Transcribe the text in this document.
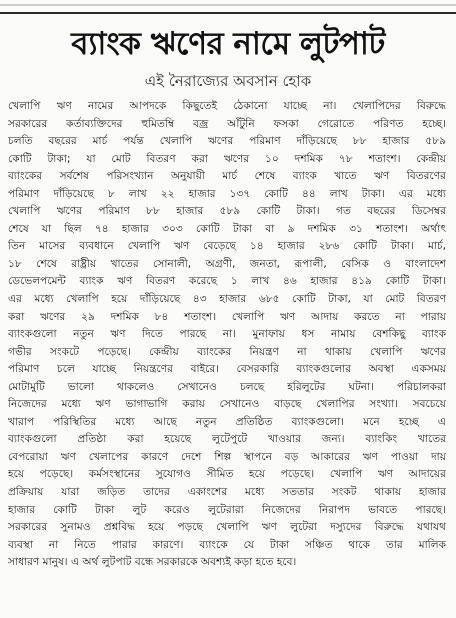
ব্যাংক ঋণের নামে লুটপাট
এই নৈরাজ্যের অবসান হোক
খেলাপি ঋণ নামের আপদকে কিছুতেই ঠেকানো যাচ্ছে না। খেলাপিদের বিরুদ্ধে
সরকারের কর্তাব্যক্তিদের হুমিতম্বি বজ্র আঁটুনি ফসকা গেরোতে পরিণত হচ্ছে।
চলতি বছরের মার্চ পর্যন্ত খেলাপি ঋণের পরিমাণ দাঁড়িয়েছে ৮৮ হাজার ৫৮৯
কোটি টাকা; যা মোট বিতরণ করা ঋণের ১০ দশমিক ৭৮ শতাংশ। কেন্দ্রীয়
ব্যাংকের সর্বশেষ পরিসংখ্যান অনুযায়ী মার্চ শেষে ব্যাংক খাতে ঋণ বিতরণের
পরিমাণ দাঁড়িয়েছে ৮ লাখ ২২ হাজার ১৩৭ কোটি ৪৪ লাখ টাকা। এর মধ্যে
খেলাপি ঋণের পরিমাণ ৮৮ হাজার ৫৮৯ কোটি টাকা। গত বছরের ডিসেম্বর
শেষে যা ছিল ৭৪ হাজার ৩০৩ কোটি টাকা বা ৯ দশমিক ৩১ শতাংশ। অর্থাৎ
তিন মাসের ব্যবধানে খেলাপি ঋণ বেড়েছে ১৪ হাজার ২৮৬ কোটি টাকা। মার্চ,
১৮ শেষে রাষ্ট্রীয় খাতের সোনালী, অগ্রণী, জনতা, রূপালী, বেসিক ও বাংলাদেশ
ডেভেলপমেন্ট ব্যাংক ঋণ বিতরণ করেছে ১ লাখ ৪৬ হাজার ৪১৯ কোটি টাকা।
এর মধ্যে খেলাপি হয়ে দাঁড়িয়েছে ৪৩ হাজার ৬৮৫ কোটি টাকা, যা মোট বিতরণ
করা ঋণের ২৯ দশমিক ৮৪ শতাংশ। খেলাপি ঋণ আদায় করতে না পারায়
ব্যাংকগুলো নতুন ঋণ দিতে পারছে না। মুনাফায় ধস নামায় বেশকিছু ব্যাংক
গভীর সংকটে পড়েছে। কেন্দ্রীয় ব্যাংকের নিয়ন্ত্রণ না থাকায় খেলাপি ঋণের
পরিমাণ চলে যাচ্ছে নিয়ন্ত্রণের বাইরে। বেসরকারি ব্যাংকগুলোর অবস্থা একসময়
মোটামুটি ভালো থাকলেও সেখানেও চলছে হরিলুটের ঘটনা। পরিচালকরা
নিজেদের মধ্যে ঋণ ভাগাভাগি করায় সেখানেও বাড়ছে খেলাপির সংখ্যা। সবচেয়ে
খারাপ পরিস্থিতির মধ্যে আছে নতুন প্রতিষ্ঠিত ব্যাংকগুলো। মনে হচ্ছে এ
ব্যাংকগুলো প্রতিষ্ঠা করা হয়েছে লুটেপুটে খাওয়ার জন্য। ব্যাংকিং খাতের
বেপরোয়া ঋণ খেলাপের কারণে দেশে শিল্প স্থাপনে বড় আকারের ঋণ পাওয়া দায়
হয়ে পড়েছে। কর্মসংস্থানের সুযোগও সীমিত হয়ে পড়েছে। খেলাপি ঋণ আদায়ের
প্রক্রিয়ায় যারা জড়িত তাদের একাংশের মধ্যে সততার সংকট থাকায় হাজার
হাজার কোটি টাকা লুট করেও লুটেরারা নিজেদের নিরাপদ ভাবতে পারছে।
সরকারের সুনামও প্রশ্নবিদ্ধ হয়ে পড়ছে খেলাপি ঋণ লুটেরা দস্যুদের বিরুদ্ধে যথাযথ
ব্যবস্থা না নিতে পারার কারণে। ব্যাংকে যে টাকা সঞ্চিত থাকে তার মালিক
সাধারণ মানুষ। এ অর্থ লুটপাট বন্ধে সরকারকে অবশ্যই কড়া হতে হবে।
